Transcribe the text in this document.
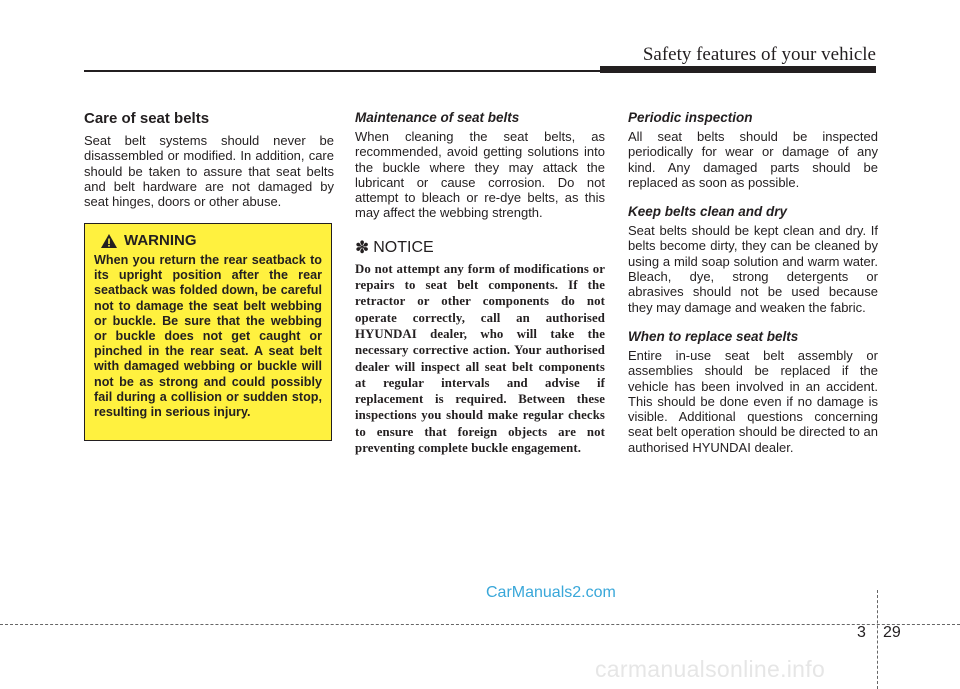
Safety features of your vehicle
Care of seat belts

Seat belt systems should never be disassembled or modified. In addition, care should be taken to assure that seat belts and belt hardware are not damaged by seat hinges, doors or other abuse.

WARNING
When you return the rear seatback to its upright position after the rear seatback was folded down, be careful not to damage the seat belt webbing or buckle. Be sure that the webbing or buckle does not get caught or pinched in the rear seat. A seat belt with damaged webbing or buckle will not be as strong and could possibly fail during a collision or sudden stop, resulting in serious injury.
Maintenance of seat belts

When cleaning the seat belts, as recommended, avoid getting solutions into the buckle where they may attack the lubricant or cause corrosion. Do not attempt to bleach or re-dye belts, as this may affect the webbing strength.

✽ NOTICE
Do not attempt any form of modifications or repairs to seat belt components. If the retractor or other components do not operate correctly, call an authorised HYUNDAI dealer, who will take the necessary corrective action. Your authorised dealer will inspect all seat belt components at regular intervals and advise if replacement is required. Between these inspections you should make regular checks to ensure that foreign objects are not preventing complete buckle engagement.
Periodic inspection

All seat belts should be inspected periodically for wear or damage of any kind. Any damaged parts should be replaced as soon as possible.

Keep belts clean and dry

Seat belts should be kept clean and dry. If belts become dirty, they can be cleaned by using a mild soap solution and warm water. Bleach, dye, strong detergents or abrasives should not be used because they may damage and weaken the fabric.

When to replace seat belts

Entire in-use seat belt assembly or assemblies should be replaced if the vehicle has been involved in an accident. This should be done even if no damage is visible. Additional questions concerning seat belt operation should be directed to an authorised HYUNDAI dealer.

CarManuals2.com
3 29
carmanualsonline.info
